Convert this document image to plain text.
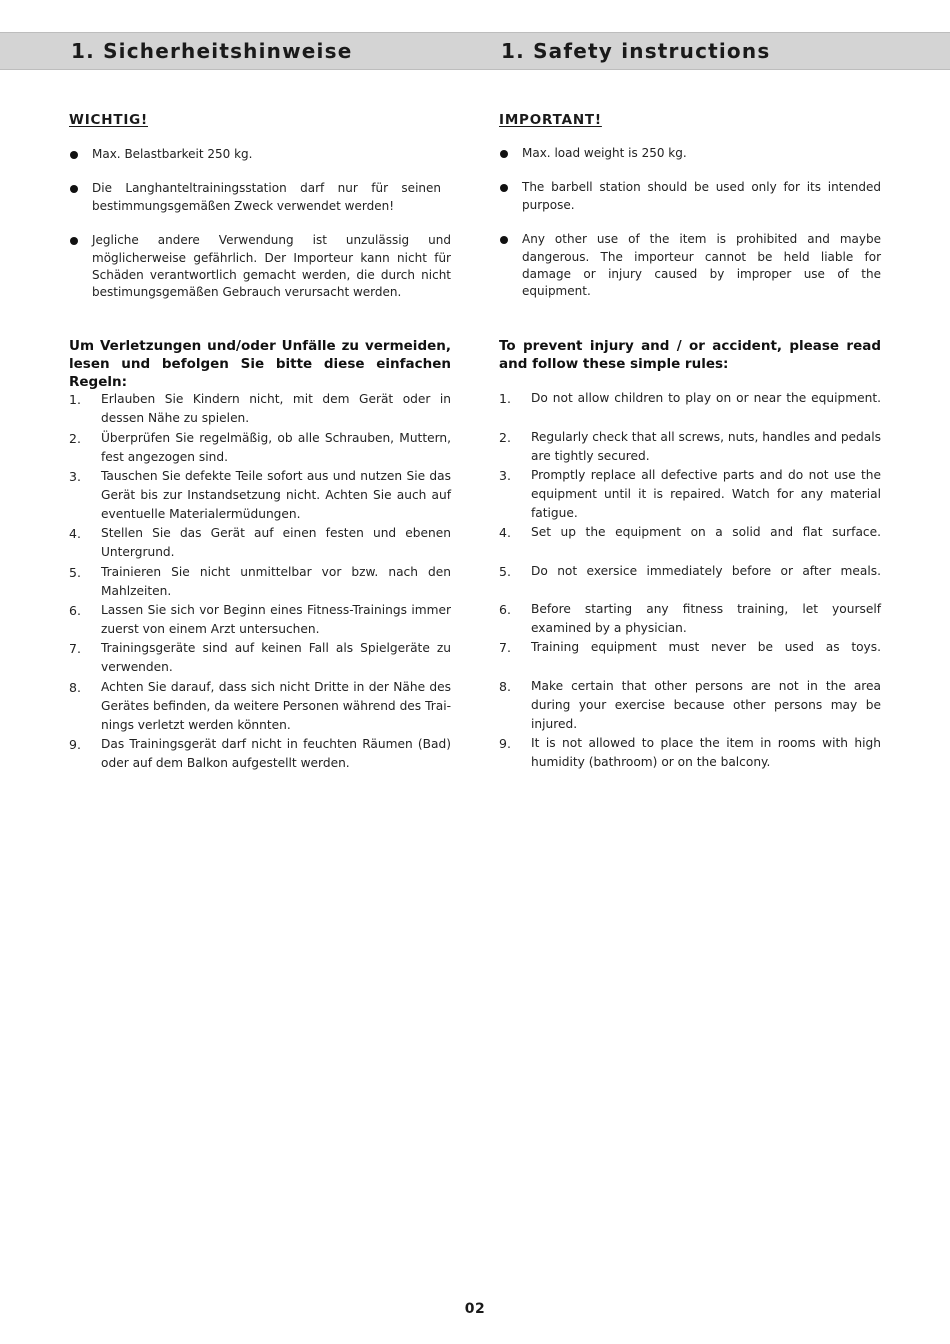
1. Sicherheitshinweise
WICHTIG!
Max. Belastbarkeit 250 kg.
Die Langhanteltrainingsstation darf nur für seinen bestimmungsgemäßen Zweck verwendet werden!
Jegliche andere Verwendung ist unzulässig und möglicherweise gefährlich. Der Importeur kann nicht für Schäden verantwortlich gemacht werden, die durch nicht bestimungsgemäßen Gebrauch verursacht werden.
Um Verletzungen und/oder Unfälle zu vermeiden, lesen und befolgen Sie bitte diese einfachen Regeln:
1. Erlauben Sie Kindern nicht, mit dem Gerät oder in dessen Nähe zu spielen.
2. Überprüfen Sie regelmäßig, ob alle Schrauben, Muttern, fest angezogen sind.
3. Tauschen Sie defekte Teile sofort aus und nutzen Sie das Gerät bis zur Instandsetzung nicht. Achten Sie auch auf eventuelle Materialermüdungen.
4. Stellen Sie das Gerät auf einen festen und ebenen Untergrund.
5. Trainieren Sie nicht unmittelbar vor bzw. nach den Mahlzeiten.
6. Lassen Sie sich vor Beginn eines Fitness-Trainings immer zuerst von einem Arzt untersuchen.
7. Trainingsgeräte sind auf keinen Fall als Spielgeräte zu verwenden.
8. Achten Sie darauf, dass sich nicht Dritte in der Nähe des Gerätes befinden, da weitere Personen während des Trainings verletzt werden könnten.
9. Das Trainingsgerät darf nicht in feuchten Räumen (Bad) oder auf dem Balkon aufgestellt werden.
1. Safety instructions
IMPORTANT!
Max. load weight is 250 kg.
The barbell station should be used only for its intended purpose.
Any other use of the item is prohibited and maybe dangerous. The importeur cannot be held liable for damage or injury caused by improper use of the equipment.
To prevent injury and / or accident, please read and follow these simple rules:
1. Do not allow children to play on or near the equipment.
2. Regularly check that all screws, nuts, handles and pedals are tightly secured.
3. Promptly replace all defective parts and do not use the equipment until it is repaired. Watch for any material fatigue.
4. Set up the equipment on a solid and flat surface.
5. Do not exersice immediately before or after meals.
6. Before starting any fitness training, let yourself examined by a physician.
7. Training equipment must never be used as toys.
8. Make certain that other persons are not in the area during your exercise because other persons may be injured.
9. It is not allowed to place the item in rooms with high humidity (bathroom) or on the balcony.
02
